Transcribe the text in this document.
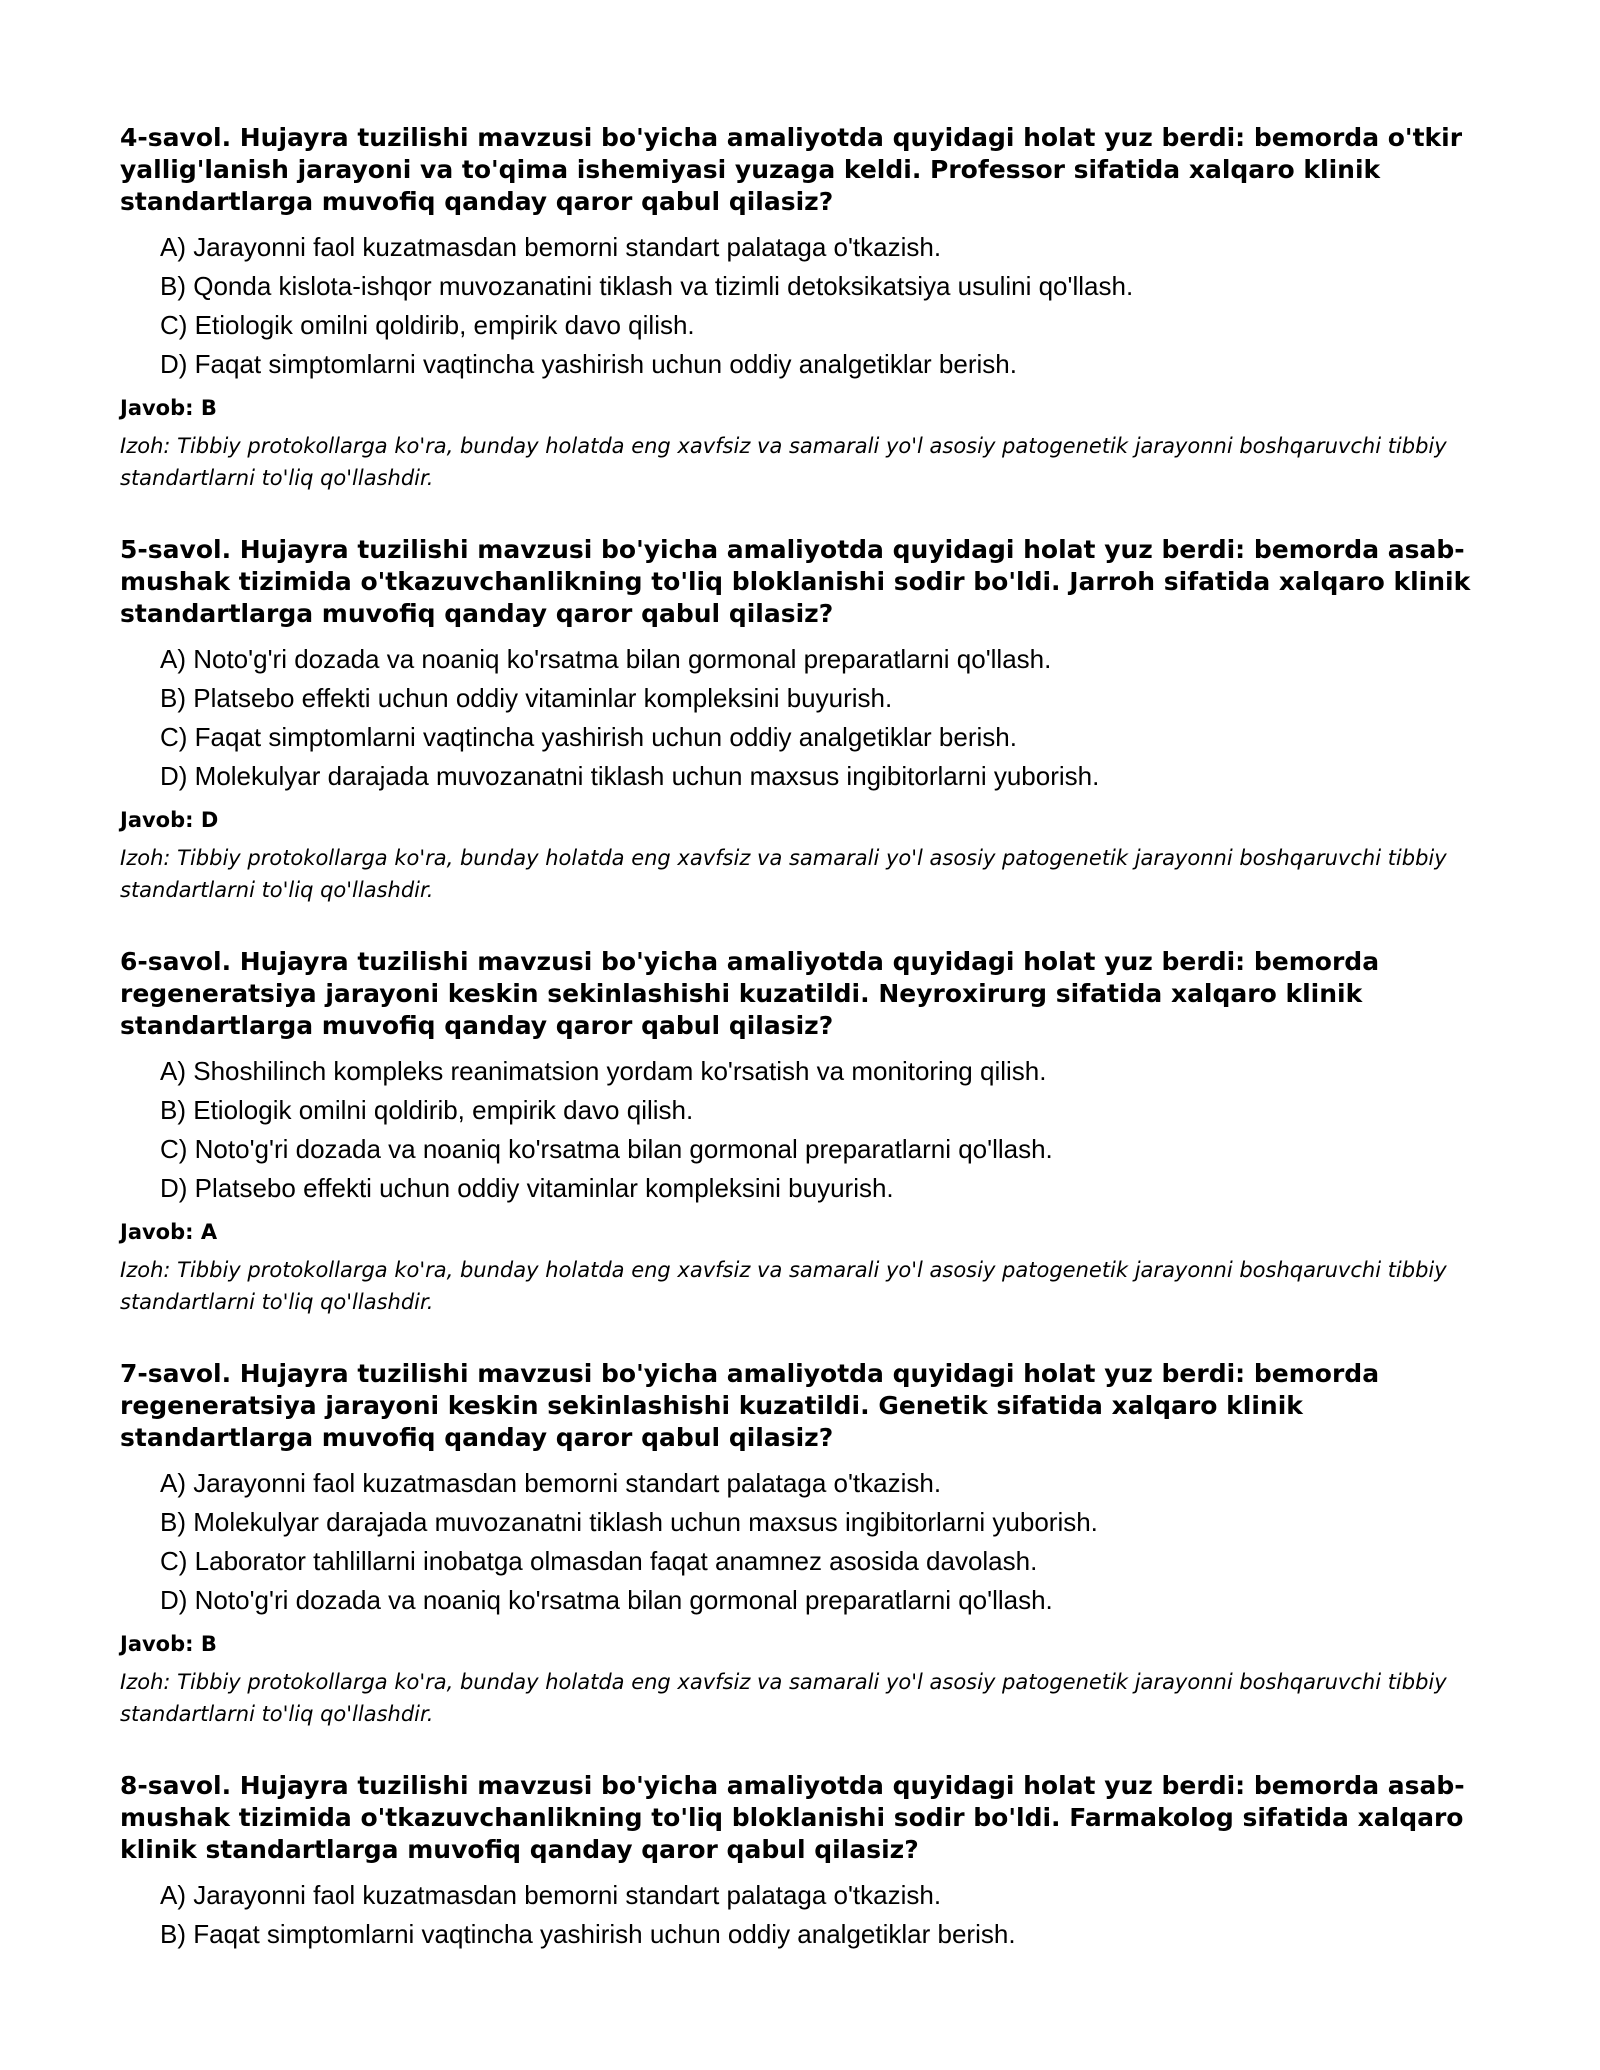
4-savol. Hujayra tuzilishi mavzusi bo'yicha amaliyotda quyidagi holat yuz berdi: bemorda o'tkir yallig'lanish jarayoni va to'qima ishemiyasi yuzaga keldi. Professor sifatida xalqaro klinik standartlarga muvofiq qanday qaror qabul qilasiz?

A) Jarayonni faol kuzatmasdan bemorni standart palataga o'tkazish.
B) Qonda kislota-ishqor muvozanatini tiklash va tizimli detoksikatsiya usulini qo'llash.
C) Etiologik omilni qoldirib, empirik davo qilish.
D) Faqat simptomlarni vaqtincha yashirish uchun oddiy analgetiklar berish.

Javob: B

Izoh: Tibbiy protokollarga ko'ra, bunday holatda eng xavfsiz va samarali yo'l asosiy patogenetik jarayonni boshqaruvchi tibbiy standartlarni to'liq qo'llashdir.

5-savol. Hujayra tuzilishi mavzusi bo'yicha amaliyotda quyidagi holat yuz berdi: bemorda asab-mushak tizimida o'tkazuvchanlikning to'liq bloklanishi sodir bo'ldi. Jarroh sifatida xalqaro klinik standartlarga muvofiq qanday qaror qabul qilasiz?

A) Noto'g'ri dozada va noaniq ko'rsatma bilan gormonal preparatlarni qo'llash.
B) Platsebo effekti uchun oddiy vitaminlar kompleksini buyurish.
C) Faqat simptomlarni vaqtincha yashirish uchun oddiy analgetiklar berish.
D) Molekulyar darajada muvozanatni tiklash uchun maxsus ingibitorlarni yuborish.

Javob: D

Izoh: Tibbiy protokollarga ko'ra, bunday holatda eng xavfsiz va samarali yo'l asosiy patogenetik jarayonni boshqaruvchi tibbiy standartlarni to'liq qo'llashdir.

6-savol. Hujayra tuzilishi mavzusi bo'yicha amaliyotda quyidagi holat yuz berdi: bemorda regeneratsiya jarayoni keskin sekinlashishi kuzatildi. Neyroxirurg sifatida xalqaro klinik standartlarga muvofiq qanday qaror qabul qilasiz?

A) Shoshilinch kompleks reanimatsion yordam ko'rsatish va monitoring qilish.
B) Etiologik omilni qoldirib, empirik davo qilish.
C) Noto'g'ri dozada va noaniq ko'rsatma bilan gormonal preparatlarni qo'llash.
D) Platsebo effekti uchun oddiy vitaminlar kompleksini buyurish.

Javob: A

Izoh: Tibbiy protokollarga ko'ra, bunday holatda eng xavfsiz va samarali yo'l asosiy patogenetik jarayonni boshqaruvchi tibbiy standartlarni to'liq qo'llashdir.

7-savol. Hujayra tuzilishi mavzusi bo'yicha amaliyotda quyidagi holat yuz berdi: bemorda regeneratsiya jarayoni keskin sekinlashishi kuzatildi. Genetik sifatida xalqaro klinik standartlarga muvofiq qanday qaror qabul qilasiz?

A) Jarayonni faol kuzatmasdan bemorni standart palataga o'tkazish.
B) Molekulyar darajada muvozanatni tiklash uchun maxsus ingibitorlarni yuborish.
C) Laborator tahlillarni inobatga olmasdan faqat anamnez asosida davolash.
D) Noto'g'ri dozada va noaniq ko'rsatma bilan gormonal preparatlarni qo'llash.

Javob: B

Izoh: Tibbiy protokollarga ko'ra, bunday holatda eng xavfsiz va samarali yo'l asosiy patogenetik jarayonni boshqaruvchi tibbiy standartlarni to'liq qo'llashdir.

8-savol. Hujayra tuzilishi mavzusi bo'yicha amaliyotda quyidagi holat yuz berdi: bemorda asab-mushak tizimida o'tkazuvchanlikning to'liq bloklanishi sodir bo'ldi. Farmakolog sifatida xalqaro klinik standartlarga muvofiq qanday qaror qabul qilasiz?

A) Jarayonni faol kuzatmasdan bemorni standart palataga o'tkazish.
B) Faqat simptomlarni vaqtincha yashirish uchun oddiy analgetiklar berish.
